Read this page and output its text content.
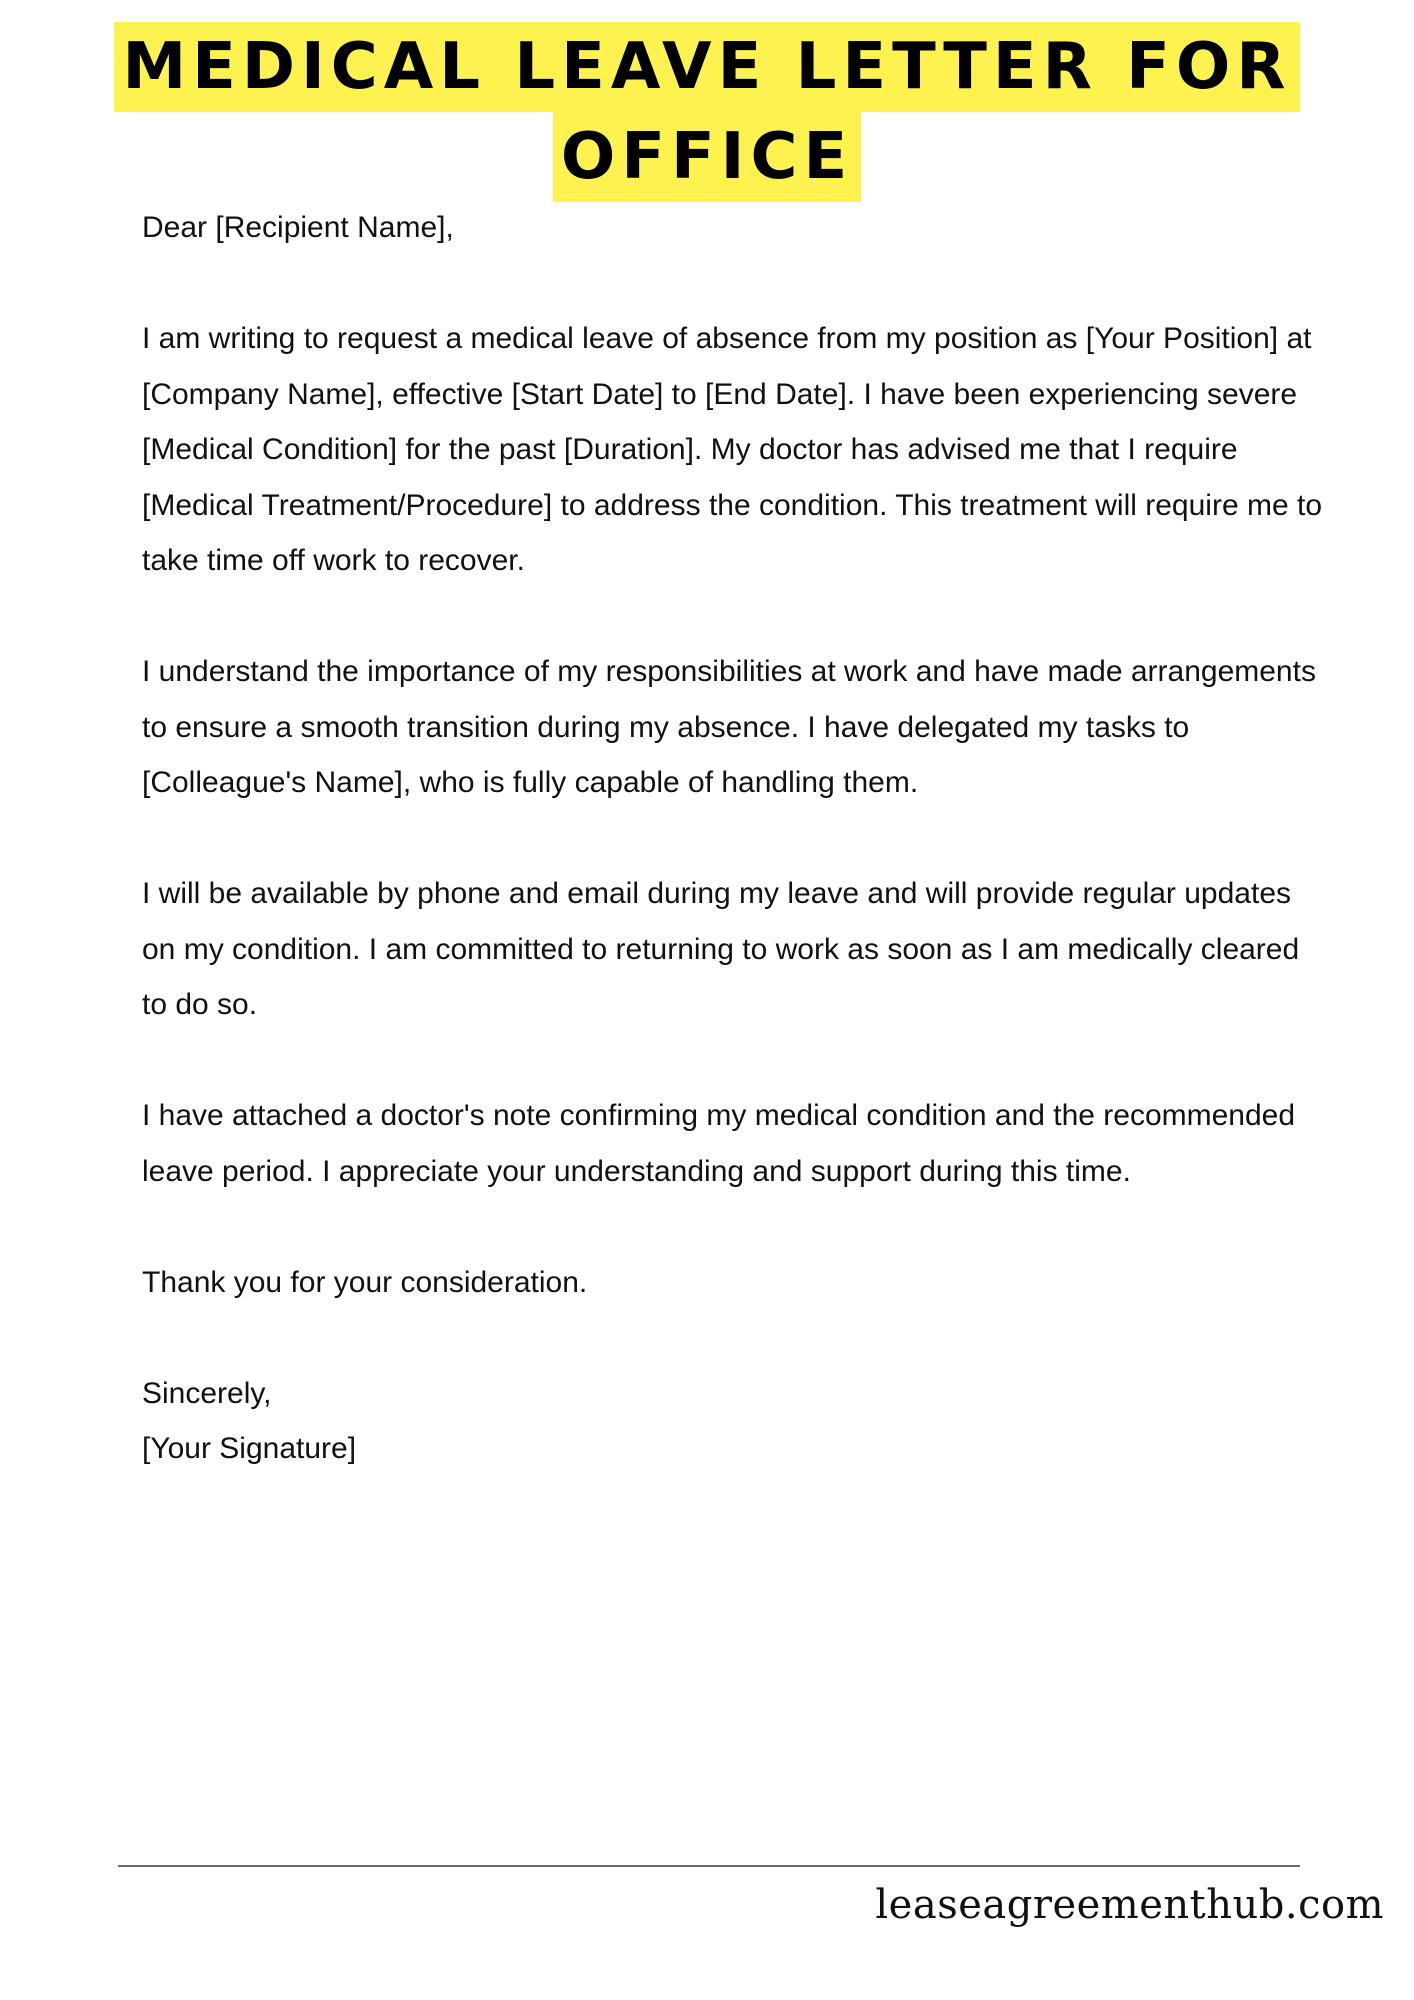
MEDICAL LEAVE LETTER FOR
OFFICE

Dear [Recipient Name],

I am writing to request a medical leave of absence from my position as [Your Position] at [Company Name], effective [Start Date] to [End Date]. I have been experiencing severe [Medical Condition] for the past [Duration]. My doctor has advised me that I require [Medical Treatment/Procedure] to address the condition. This treatment will require me to take time off work to recover.

I understand the importance of my responsibilities at work and have made arrangements to ensure a smooth transition during my absence. I have delegated my tasks to [Colleague's Name], who is fully capable of handling them.

I will be available by phone and email during my leave and will provide regular updates on my condition. I am committed to returning to work as soon as I am medically cleared to do so.

I have attached a doctor's note confirming my medical condition and the recommended leave period. I appreciate your understanding and support during this time.

Thank you for your consideration.

Sincerely,

[Your Signature]

leaseagreementhub.com
